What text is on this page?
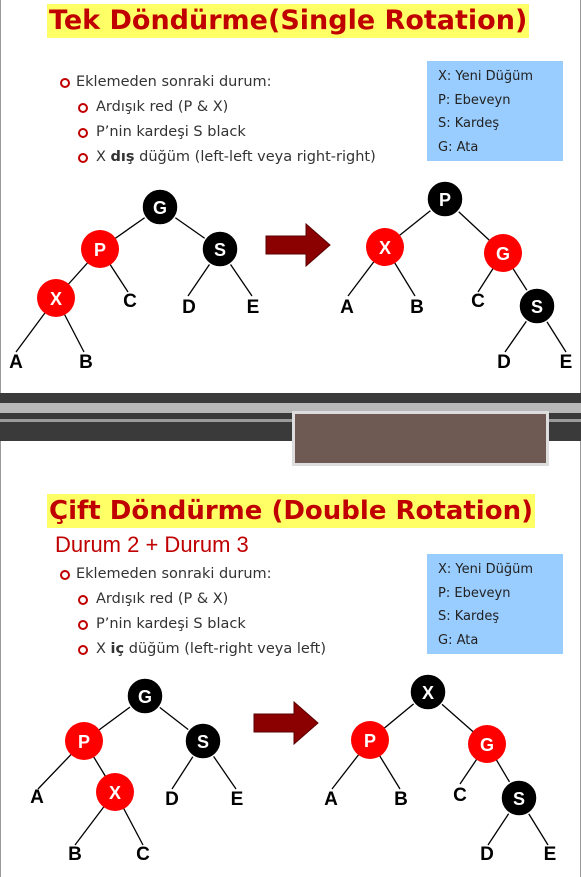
Tek Döndürme(Single Rotation)
Eklemeden sonraki durum:
Ardışık red (P & X)
P’nin kardeşi S black
X dış düğüm (left-left veya right-right)
X: Yeni Düğüm
P: Ebeveyn
S: Kardeş
G: Ata
G
P	S
X
A	B
C D	E
P
X	G
S
A	B C
D	E
Çift Döndürme (Double Rotation)
Durum 2 + Durum 3
Eklemeden sonraki durum:
Ardışık red (P & X)
P’nin kardeşi S black
X iç düğüm (left-right veya left)
X: Yeni Düğüm
P: Ebeveyn
S: Kardeş
G: Ata
G
P	S
X
A
B	C
D	E
X
P	G
S
A	B C
D	E
